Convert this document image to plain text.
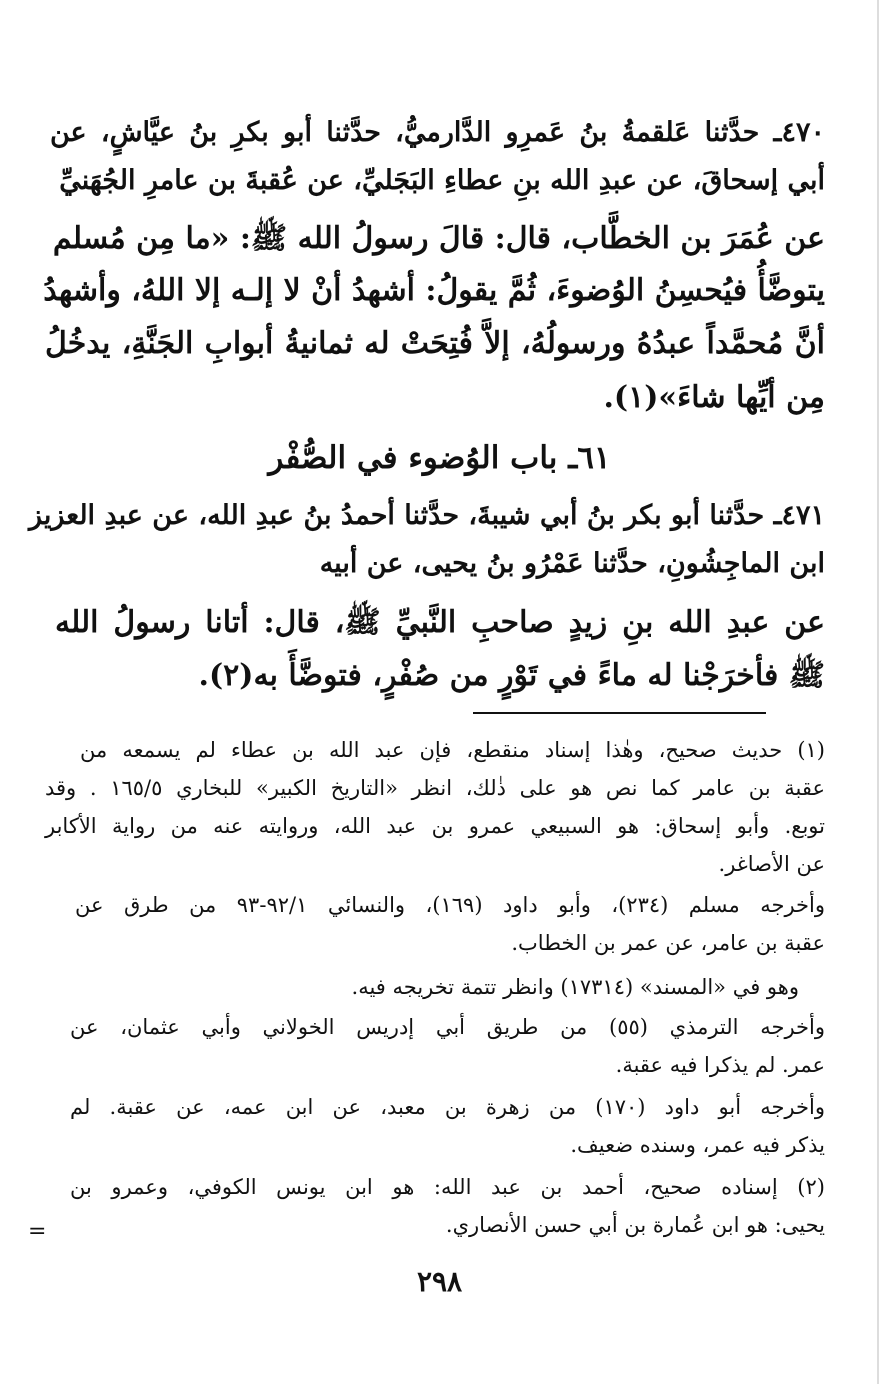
٤٧٠ـ حدَّثنا عَلقمةُ بنُ عَمرِو الدَّارميُّ، حدَّثنا أبو بكرِ بنُ عيَّاشٍ، عن
أبي إسحاقَ، عن عبدِ الله بنِ عطاءِ البَجَليِّ، عن عُقبةَ بن عامرِ الجُهَنيِّ
عن عُمَرَ بن الخطَّاب، قال: قالَ رسولُ الله ﷺ: «ما مِن مُسلم
يتوضَّأُ فيُحسِنُ الوُضوءَ، ثُمَّ يقولُ: أشهدُ أنْ لا إلـه إلا اللهُ، وأشهدُ
أنَّ مُحمَّداً عبدُهُ ورسولُهُ، إلاَّ فُتِحَتْ له ثمانيةُ أبوابِ الجَنَّةِ، يدخُلُ
مِن أيِّها شاءَ»(١).
٦١ـ باب الوُضوء في الصُّفْر
٤٧١ـ حدَّثنا أبو بكر بنُ أبي شيبةَ، حدَّثنا أحمدُ بنُ عبدِ الله، عن عبدِ العزيز
ابن الماجِشُونِ، حدَّثنا عَمْرُو بنُ يحيى، عن أبيه
عن عبدِ الله بنِ زيدٍ صاحبِ النَّبيِّ ﷺ، قال: أتانا رسولُ الله
ﷺ فأخرَجْنا له ماءً في تَوْرٍ من صُفْرٍ، فتوضَّأَ به(٢).
(١) حديث صحيح، وهٰذا إسناد منقطع، فإن عبد الله بن عطاء لم يسمعه من
عقبة بن عامر كما نص هو على ذٰلك، انظر «التاريخ الكبير» للبخاري ١٦٥/٥ . وقد
توبع. وأبو إسحاق: هو السبيعي عمرو بن عبد الله، وروايته عنه من رواية الأكابر
عن الأصاغر.
وأخرجه مسلم (٢٣٤)، وأبو داود (١٦٩)، والنسائي ٩٢/١-٩٣ من طرق عن
عقبة بن عامر، عن عمر بن الخطاب.
وهو في «المسند» (١٧٣١٤) وانظر تتمة تخريجه فيه.
وأخرجه الترمذي (٥٥) من طريق أبي إدريس الخولاني وأبي عثمان، عن
عمر. لم يذكرا فيه عقبة.
وأخرجه أبو داود (١٧٠) من زهرة بن معبد، عن ابن عمه، عن عقبة. لم
يذكر فيه عمر، وسنده ضعيف.
(٢) إسناده صحيح، أحمد بن عبد الله: هو ابن يونس الكوفي، وعمرو بن
يحيى: هو ابن عُمارة بن أبي حسن الأنصاري.
=
٢٩٨
